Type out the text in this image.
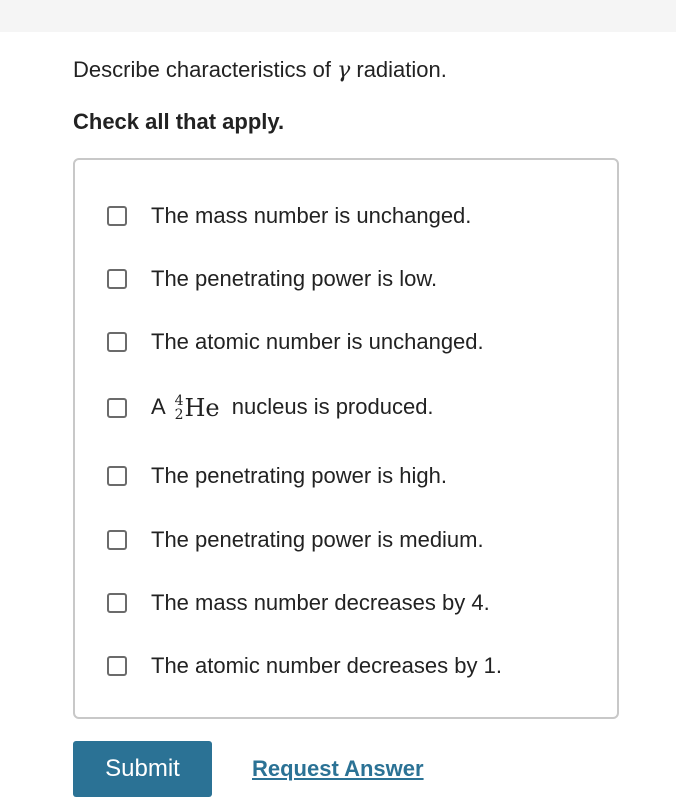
Describe characteristics of γ radiation.

Check all that apply.

The mass number is unchanged.
The penetrating power is low.
The atomic number is unchanged.
A 4
2 He nucleus is produced.
The penetrating power is high.
The penetrating power is medium.
The mass number decreases by 4.
The atomic number decreases by 1.
Submit	Request Answer
